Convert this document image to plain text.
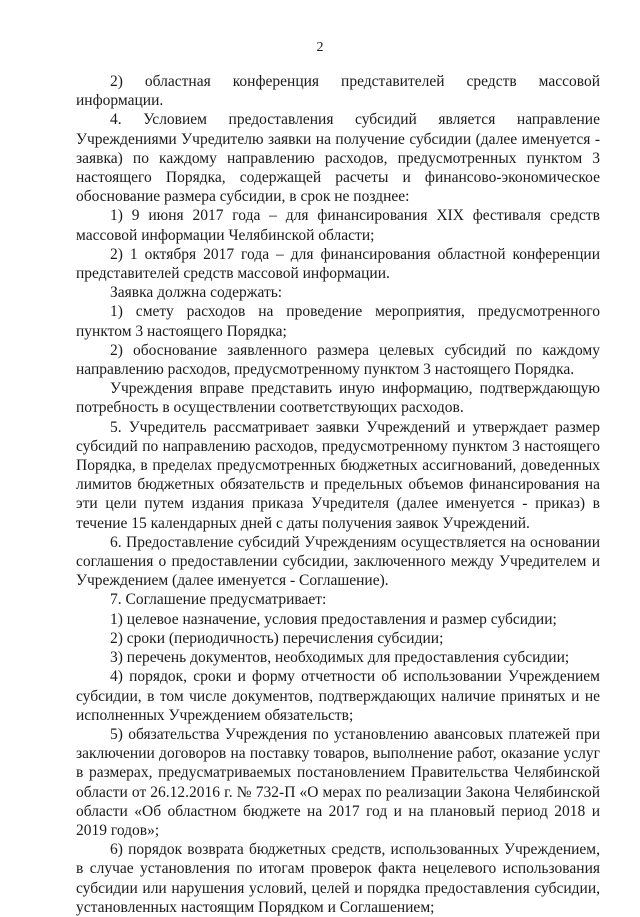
2

2) областная конференция представителей средств массовой информации.

4. Условием предоставления субсидий является направление Учреждениями Учредителю заявки на получение субсидии (далее именуется - заявка) по каждому направлению расходов, предусмотренных пунктом 3 настоящего Порядка, содержащей расчеты и финансово-экономическое обоснование размера субсидии, в срок не позднее:

1) 9 июня 2017 года – для финансирования XIX фестиваля средств массовой информации Челябинской области;

2) 1 октября 2017 года – для финансирования областной конференции представителей средств массовой информации.

Заявка должна содержать:

1) смету расходов на проведение мероприятия, предусмотренного пунктом 3 настоящего Порядка;

2) обоснование заявленного размера целевых субсидий по каждому направлению расходов, предусмотренному пунктом 3 настоящего Порядка.

Учреждения вправе представить иную информацию, подтверждающую потребность в осуществлении соответствующих расходов.

5. Учредитель рассматривает заявки Учреждений и утверждает размер субсидий по направлению расходов, предусмотренному пунктом 3 настоящего Порядка, в пределах предусмотренных бюджетных ассигнований, доведенных лимитов бюджетных обязательств и предельных объемов финансирования на эти цели путем издания приказа Учредителя (далее именуется - приказ) в течение 15 календарных дней с даты получения заявок Учреждений.

6. Предоставление субсидий Учреждениям осуществляется на основании соглашения о предоставлении субсидии, заключенного между Учредителем и Учреждением (далее именуется - Соглашение).

7. Соглашение предусматривает:

1) целевое назначение, условия предоставления и размер субсидии;

2) сроки (периодичность) перечисления субсидии;

3) перечень документов, необходимых для предоставления субсидии;

4) порядок, сроки и форму отчетности об использовании Учреждением субсидии, в том числе документов, подтверждающих наличие принятых и не исполненных Учреждением обязательств;

5) обязательства Учреждения по установлению авансовых платежей при заключении договоров на поставку товаров, выполнение работ, оказание услуг в размерах, предусматриваемых постановлением Правительства Челябинской области от 26.12.2016 г. № 732-П «О мерах по реализации Закона Челябинской области «Об областном бюджете на 2017 год и на плановый период 2018 и 2019 годов»;

6) порядок возврата бюджетных средств, использованных Учреждением, в случае установления по итогам проверок факта нецелевого использования субсидии или нарушения условий, целей и порядка предоставления субсидии, установленных настоящим Порядком и Соглашением;
